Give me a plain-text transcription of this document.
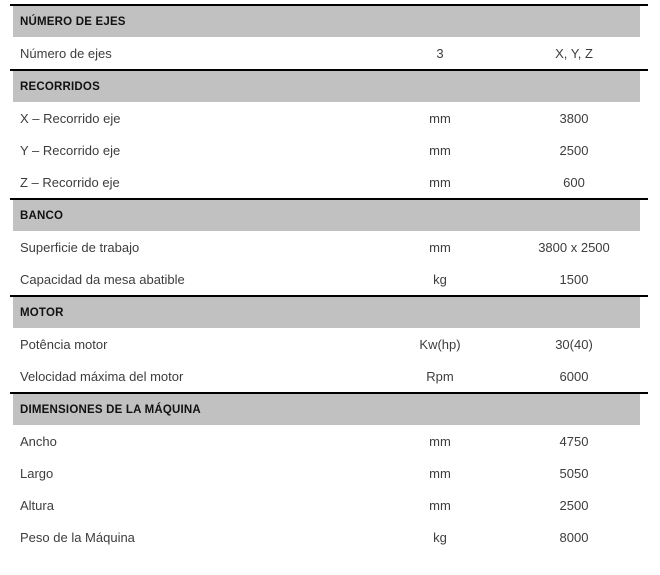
NÚMERO DE EJES
Número de ejes	3	X, Y, Z
RECORRIDOS
X – Recorrido eje	mm	3800
Y – Recorrido eje	mm	2500
Z – Recorrido eje	mm	600
BANCO
Superficie de trabajo	mm	3800 x 2500
Capacidad da mesa abatible	kg	1500
MOTOR
Potência motor	Kw(hp)	30(40)
Velocidad máxima del motor	Rpm	6000
DIMENSIONES DE LA MÁQUINA
Ancho	mm	4750
Largo	mm	5050
Altura	mm	2500
Peso de la Máquina	kg	8000
